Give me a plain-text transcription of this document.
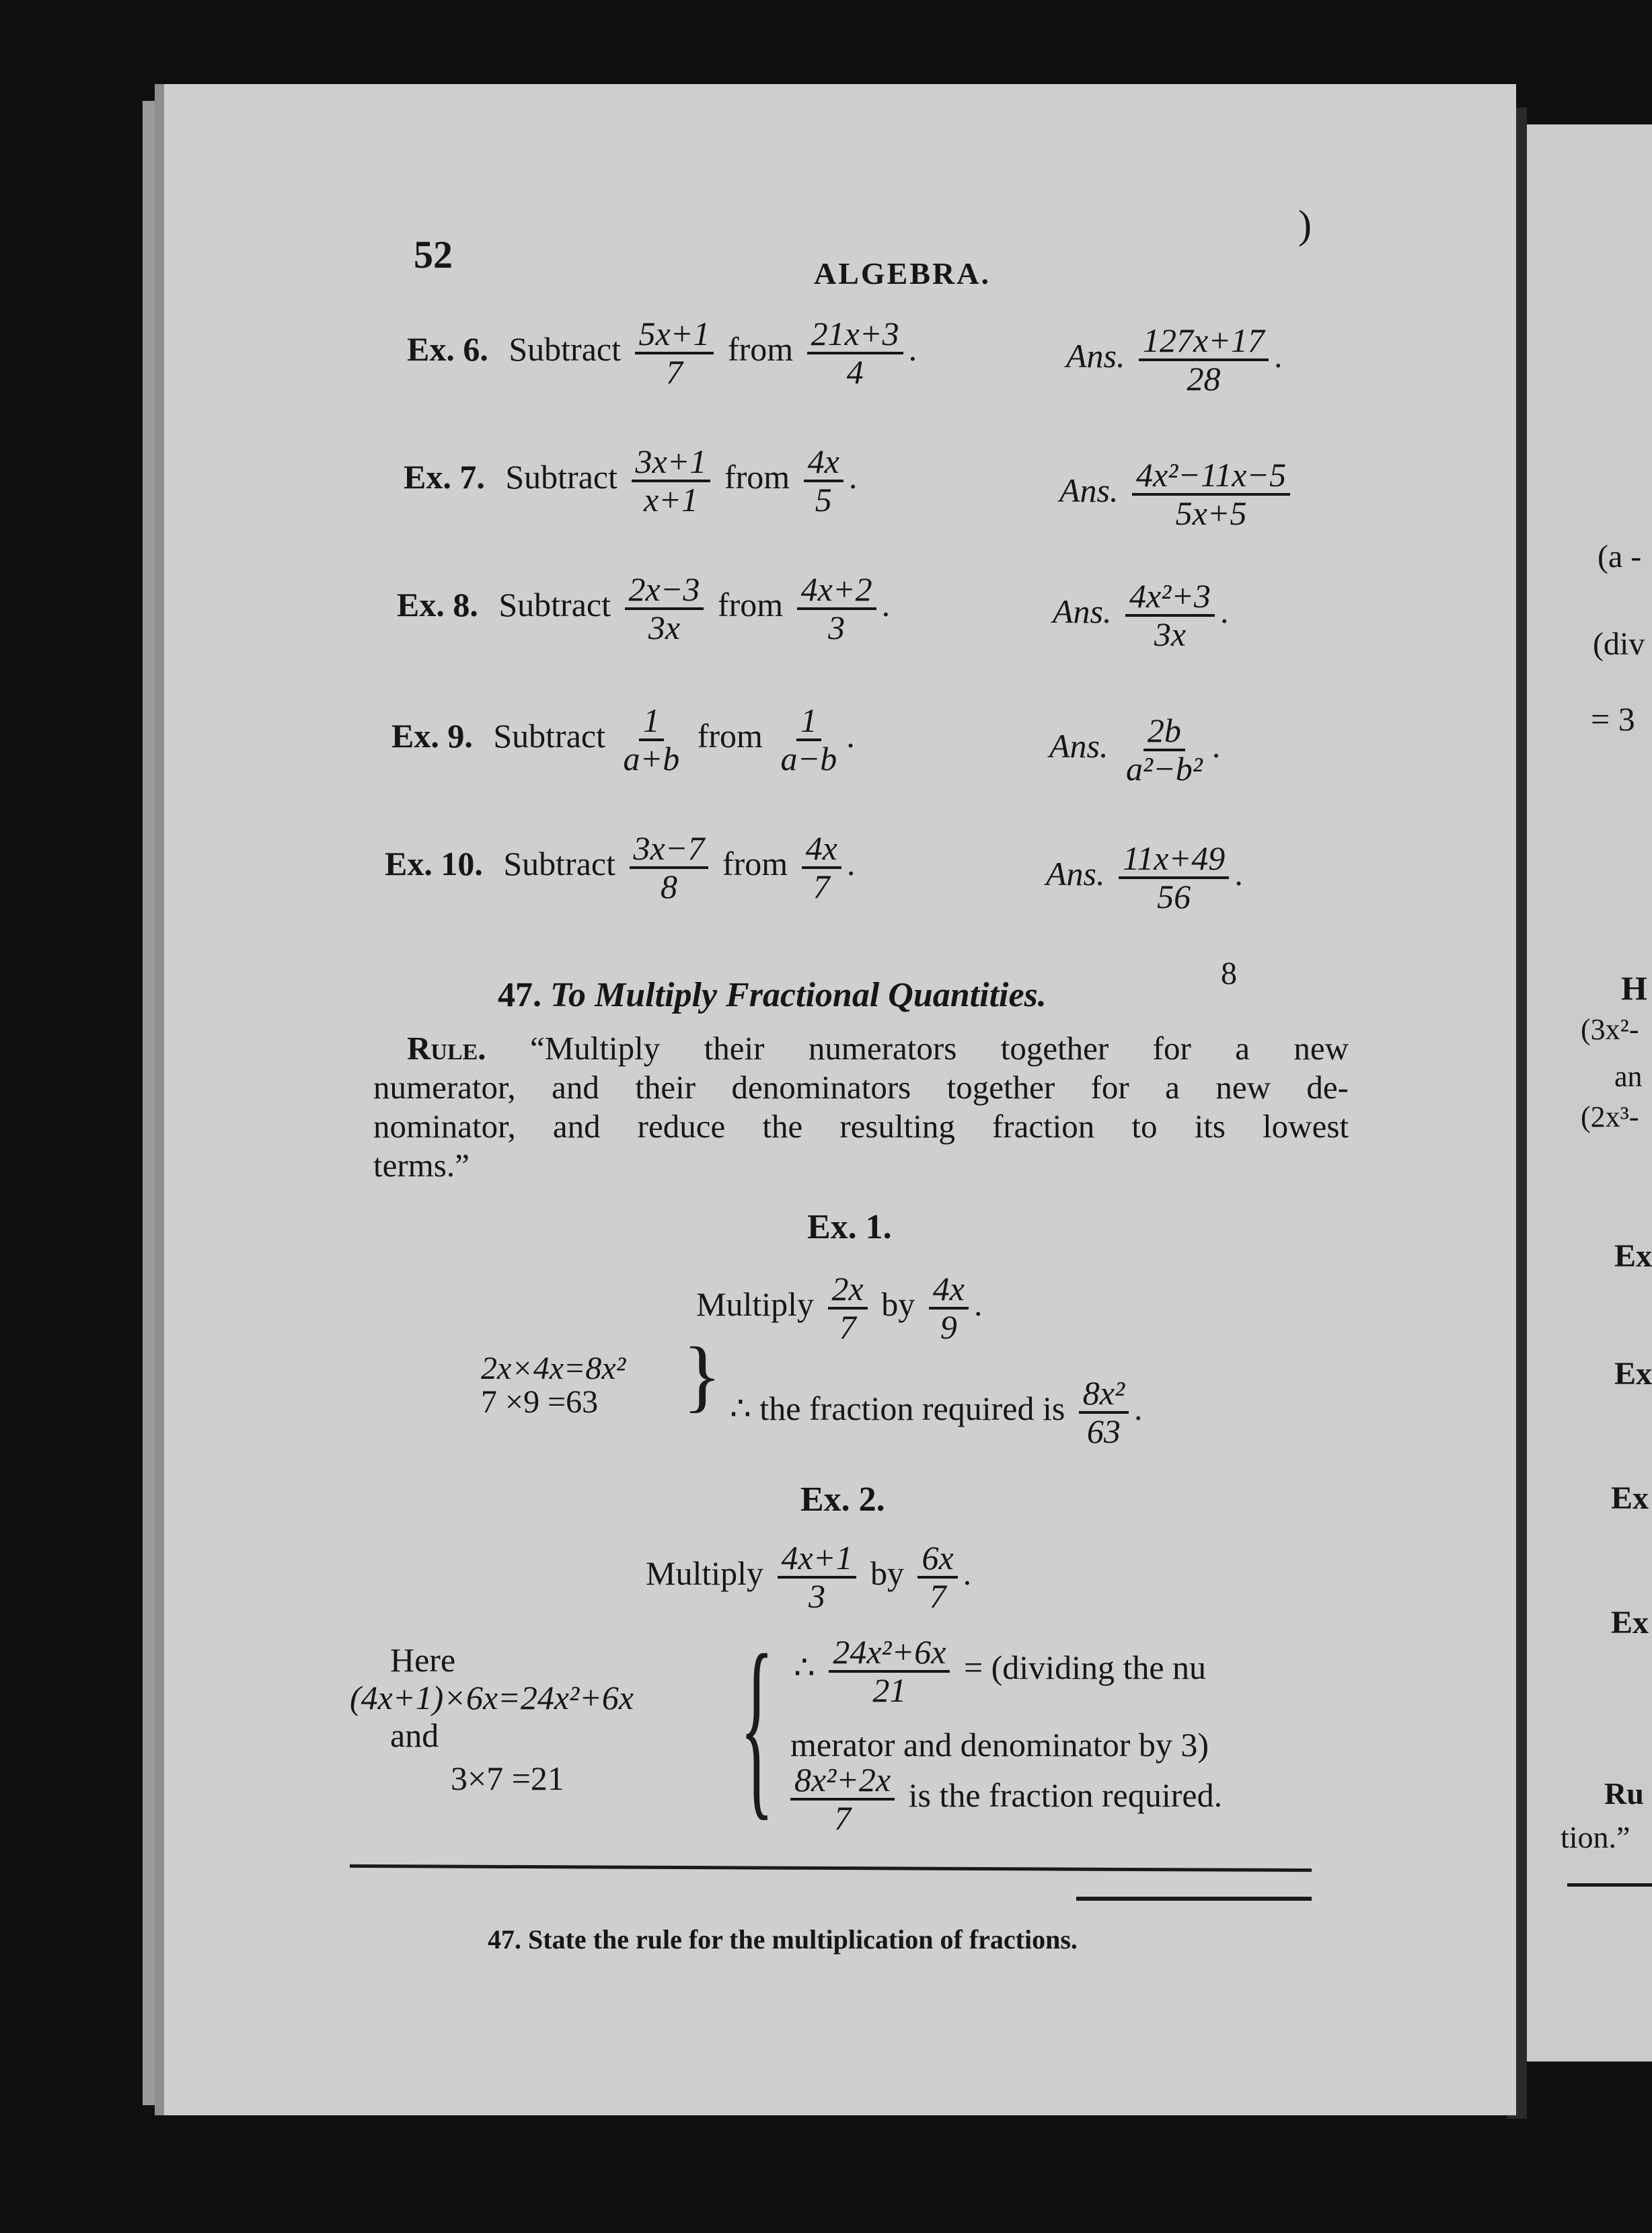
52	ALGEBRA.
)
Ex. 6. Subtract $\frac{5x+1}{7}$ from $\frac{21x+3}{4}$ .	Ans. $\frac{127x+17}{28}$ .
Ex. 7. Subtract $\frac{3x+1}{x+1}$ from $\frac{4x}{5}$ .	Ans. $\frac{\text{4x²−11x−5}}{5x+5}$
Ex. 8. Subtract $\frac{2x-3}{3x}$ from $\frac{4x+2}{3}$ .	Ans. $\frac{\text{4x²+3}}{3x}$ .
Ex. 9. Subtract $\frac{1}{a+b}$ from $\frac{1}{a-b}$ .	Ans. $\frac{2b}{\text{a²−b²}}$ .
Ex. 10. Subtract $\frac{3x-7}{8}$ from $\frac{4x}{7}$ .	Ans. $\frac{11x+49}{56}$ .
8
47. To Multiply Fractional Quantities.
Rule. “Multiply their numerators together for a new
numerator, and their denominators together for a new de-
nominator, and reduce the resulting fraction to its lowest
terms.”
Ex. 1.
Multiply $\frac{2x}{7}$ by $\frac{4x}{9}$ .
2x×4x=8x²
7 ×9 =63	} ∴ the fraction required is $\frac{\text{8x²}}{63}$ .
Ex. 2.
Multiply $\frac{4x+1}{3}$ by $\frac{6x}{7}$ .
Here
(4x+1)×6x=24x²+6x
and
3×7 =21 { ∴ $\frac{\text{24x²+6x}}{21}$ = (dividing the nu
merator and denominator by 3)
$\frac{\text{8x²+2x}}{7}$ is the fraction required.
47. State the rule for the multiplication of fractions.
(a -
(div
= 3
H
(3x²-
an
(2x³-
Ex
Ex
Ex
Ex
Ru
tion.”
